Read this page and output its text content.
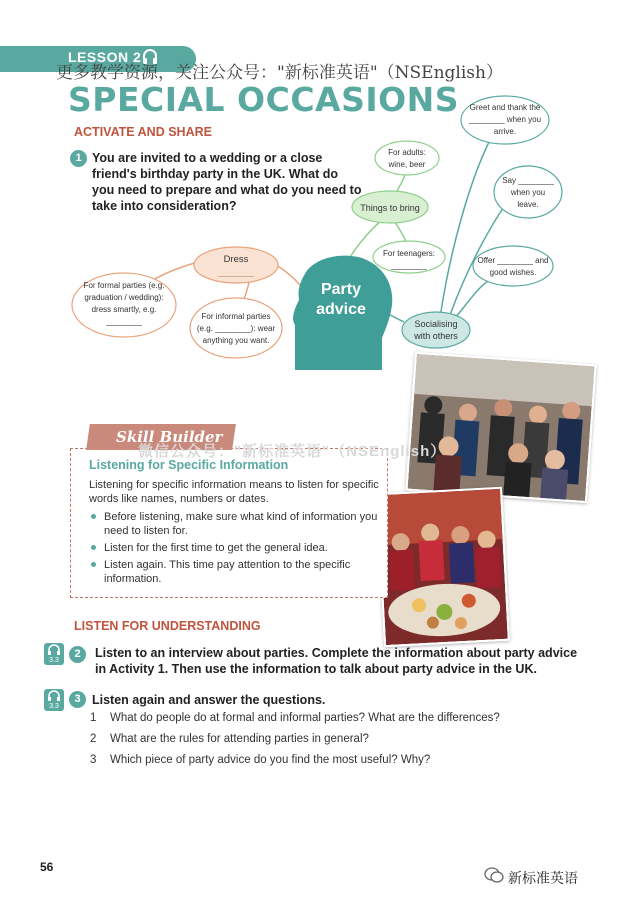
LESSON 2
更多教学资源，关注公众号："新标准英语"（NSEnglish）
SPECIAL OCCASIONS
ACTIVATE AND SHARE
1 You are invited to a wedding or a close friend's birthday party in the UK. What do you need to prepare and what do you need to take into consideration?
Party
advice
Dress
________
For formal parties (e.g.
graduation / wedding):
dress smartly, e.g.
________
For informal parties
(e.g. ________): wear
anything you want.
Things to bring
For adults:
wine, beer
For teenagers:
________
Socialising
with others
Greet and thank the
________ when you
arrive.
Say ________
when you
leave.
Offer ________ and
good wishes.
Skill Builder
微信公众号："新标准英语"（NSEnglish）
Listening for Specific Information
Listening for specific information means to listen for specific words like names, numbers or dates.
Before listening, make sure what kind of information you need to listen for.
Listen for the first time to get the general idea.
Listen again. This time pay attention to the specific information.
LISTEN FOR UNDERSTANDING
3.3
2	Listen to an interview about parties. Complete the information about party advice in Activity 1. Then use the information to talk about party advice in the UK.
3.3
3 Listen again and answer the questions.
1 What do people do at formal and informal parties? What are the differences?
2 What are the rules for attending parties in general?
3 Which piece of party advice do you find the most useful? Why?
56
新标准英语
